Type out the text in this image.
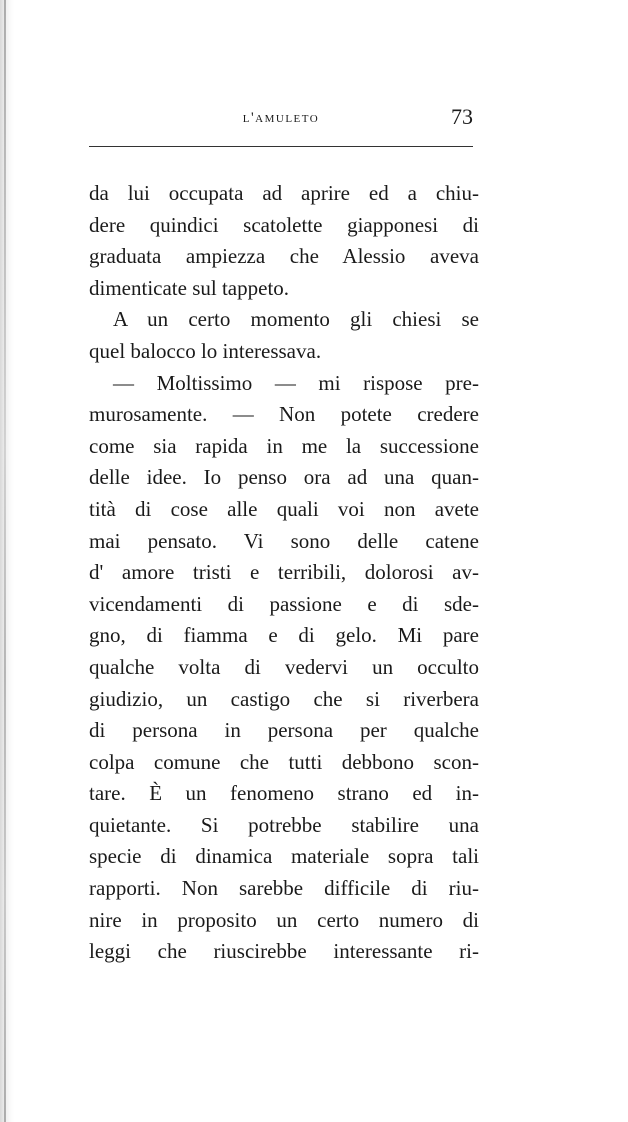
l'amuleto	73
da lui occupata ad aprire ed a chiu-
dere quindici scatolette giapponesi di
graduata ampiezza che Alessio aveva
dimenticate sul tappeto.
A un certo momento gli chiesi se
quel balocco lo interessava.
— Moltissimo — mi rispose pre-
murosamente. — Non potete credere
come sia rapida in me la successione
delle idee. Io penso ora ad una quan-
tità di cose alle quali voi non avete
mai pensato. Vi sono delle catene
d' amore tristi e terribili, dolorosi av-
vicendamenti di passione e di sde-
gno, di fiamma e di gelo. Mi pare
qualche volta di vedervi un occulto
giudizio, un castigo che si riverbera
di persona in persona per qualche
colpa comune che tutti debbono scon-
tare. È un fenomeno strano ed in-
quietante. Si potrebbe stabilire una
specie di dinamica materiale sopra tali
rapporti. Non sarebbe difficile di riu-
nire in proposito un certo numero di
leggi che riuscirebbe interessante ri-
